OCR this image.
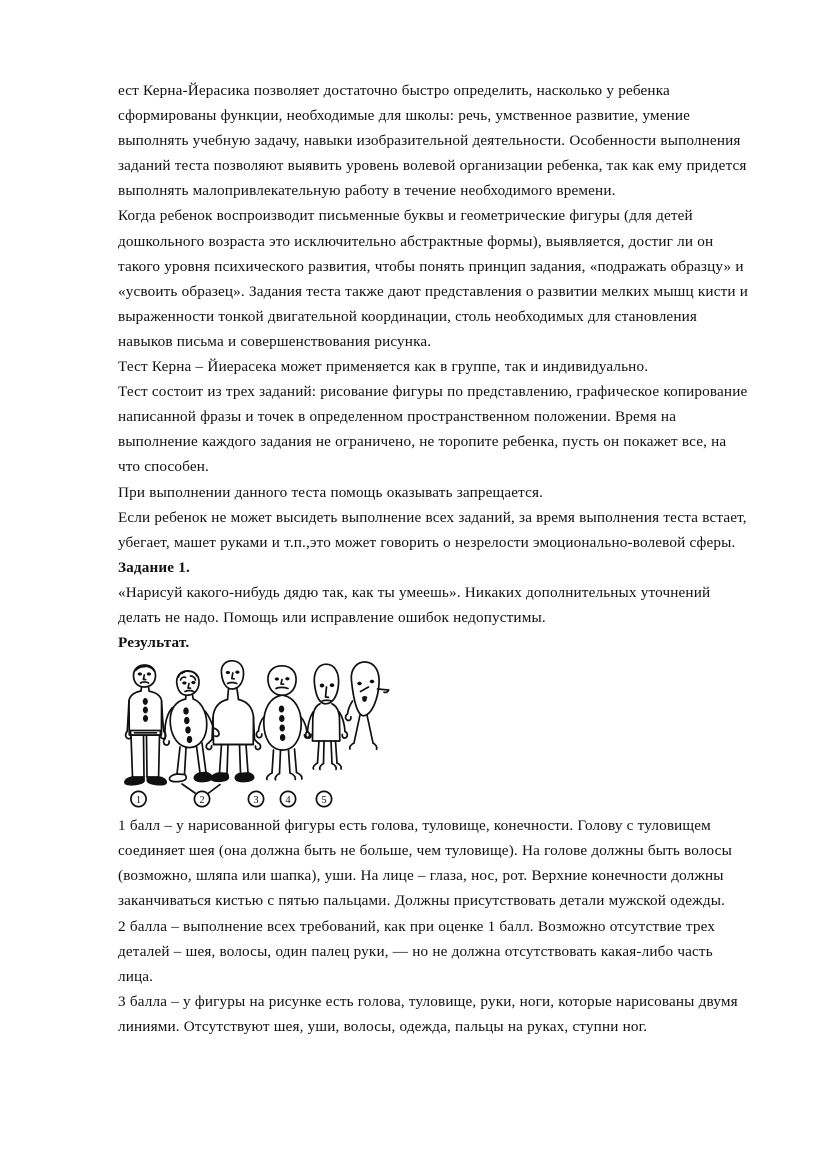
ест Керна-Йерасика позволяет достаточно быстро определить, насколько у ребенка сформированы функции, необходимые для школы: речь, умственное развитие, умение выполнять учебную задачу, навыки изобразительной деятельности. Особенности выполнения заданий теста позволяют выявить уровень волевой организации ребенка, так как ему придется выполнять малопривлекательную работу в течение необходимого времени.

Когда ребенок воспроизводит письменные буквы и геометрические фигуры (для детей дошкольного возраста это исключительно абстрактные формы), выявляется, достиг ли он такого уровня психического развития, чтобы понять принцип задания, «подражать образцу» и «усвоить образец». Задания теста также дают представления о развитии мелких мышц кисти и выраженности тонкой двигательной координации, столь необходимых для становления навыков письма и совершенствования рисунка.

Тест Керна – Йиерасека может применяется как в группе, так и индивидуально.

Тест состоит из трех заданий: рисование фигуры по представлению, графическое копирование написанной фразы и точек в определенном пространственном положении. Время на выполнение каждого задания не ограничено, не торопите ребенка, пусть он покажет все, на что способен.

При выполнении данного теста помощь оказывать запрещается.

Если ребенок не может высидеть выполнение всех заданий, за время выполнения теста встает, убегает, машет руками и т.п.,это может говорить о незрелости эмоционально-волевой сферы.

Задание 1.

«Нарисуй какого-нибудь дядю так, как ты умеешь». Никаких дополнительных уточнений делать не надо. Помощь или исправление ошибок недопустимы.

Результат.

1	2	3	4	5

1 балл – у нарисованной фигуры есть голова, туловище, конечности. Голову с туловищем соединяет шея (она должна быть не больше, чем туловище). На голове должны быть волосы (возможно, шляпа или шапка), уши. На лице – глаза, нос, рот. Верхние конечности должны заканчиваться кистью с пятью пальцами. Должны присутствовать детали мужской одежды.

2 балла – выполнение всех требований, как при оценке 1 балл. Возможно отсутствие трех деталей – шея, волосы, один палец руки, — но не должна отсутствовать какая-либо часть лица.

3 балла – у фигуры на рисунке есть голова, туловище, руки, ноги, которые нарисованы двумя линиями. Отсутствуют шея, уши, волосы, одежда, пальцы на руках, ступни ног.
